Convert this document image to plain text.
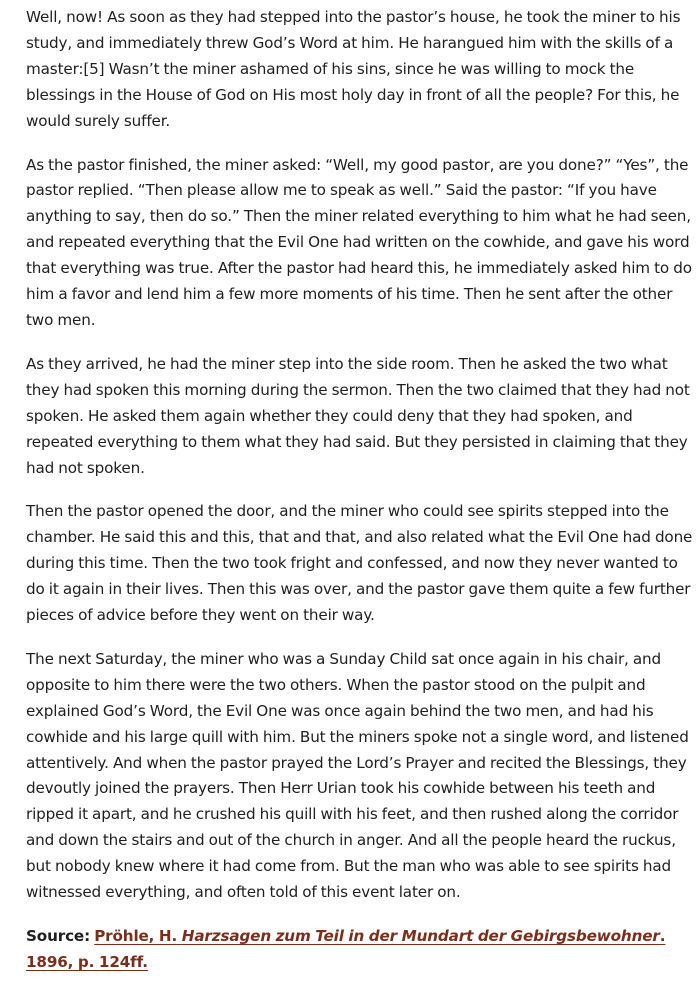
Well, now! As soon as they had stepped into the pastor’s house, he took the miner to his study, and immediately threw God’s Word at him. He harangued him with the skills of a master:[5] Wasn’t the miner ashamed of his sins, since he was willing to mock the blessings in the House of God on His most holy day in front of all the people? For this, he would surely suffer.

As the pastor finished, the miner asked: “Well, my good pastor, are you done?” “Yes”, the pastor replied. “Then please allow me to speak as well.” Said the pastor: “If you have anything to say, then do so.” Then the miner related everything to him what he had seen, and repeated everything that the Evil One had written on the cowhide, and gave his word that everything was true. After the pastor had heard this, he immediately asked him to do him a favor and lend him a few more moments of his time. Then he sent after the other two men.

As they arrived, he had the miner step into the side room. Then he asked the two what they had spoken this morning during the sermon. Then the two claimed that they had not spoken. He asked them again whether they could deny that they had spoken, and repeated everything to them what they had said. But they persisted in claiming that they had not spoken.

Then the pastor opened the door, and the miner who could see spirits stepped into the chamber. He said this and this, that and that, and also related what the Evil One had done during this time. Then the two took fright and confessed, and now they never wanted to do it again in their lives. Then this was over, and the pastor gave them quite a few further pieces of advice before they went on their way.

The next Saturday, the miner who was a Sunday Child sat once again in his chair, and opposite to him there were the two others. When the pastor stood on the pulpit and explained God’s Word, the Evil One was once again behind the two men, and had his cowhide and his large quill with him. But the miners spoke not a single word, and listened attentively. And when the pastor prayed the Lord’s Prayer and recited the Blessings, they devoutly joined the prayers. Then Herr Urian took his cowhide between his teeth and ripped it apart, and he crushed his quill with his feet, and then rushed along the corridor and down the stairs and out of the church in anger. And all the people heard the ruckus, but nobody knew where it had come from. But the man who was able to see spirits had witnessed everything, and often told of this event later on.

Source: Pröhle, H. Harzsagen zum Teil in der Mundart der Gebirgsbewohner. 1896, p. 124ff.
